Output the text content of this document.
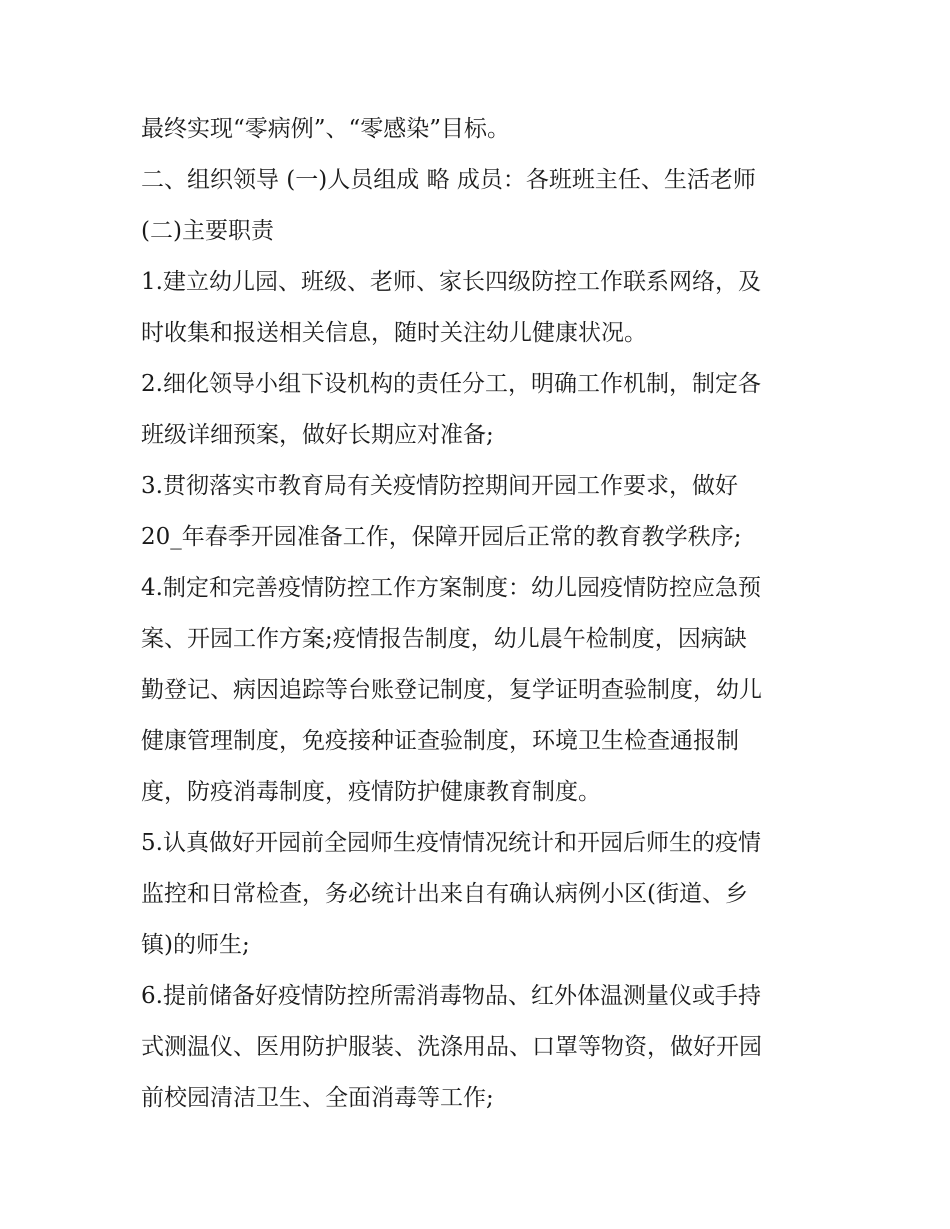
最终实现“零病例”、“零感染”目标。
二、组织领导 (一)人员组成 略 成员：各班班主任、生活老师
(二)主要职责
1.建立幼儿园、班级、老师、家长四级防控工作联系网络，及
时收集和报送相关信息，随时关注幼儿健康状况。
2.细化领导小组下设机构的责任分工，明确工作机制，制定各
班级详细预案，做好长期应对准备;
3.贯彻落实市教育局有关疫情防控期间开园工作要求，做好
20_年春季开园准备工作，保障开园后正常的教育教学秩序;
4.制定和完善疫情防控工作方案制度：幼儿园疫情防控应急预
案、开园工作方案;疫情报告制度，幼儿晨午检制度，因病缺
勤登记、病因追踪等台账登记制度，复学证明查验制度，幼儿
健康管理制度，免疫接种证查验制度，环境卫生检查通报制
度，防疫消毒制度，疫情防护健康教育制度。
5.认真做好开园前全园师生疫情情况统计和开园后师生的疫情
监控和日常检查，务必统计出来自有确认病例小区(街道、乡
镇)的师生;
6.提前储备好疫情防控所需消毒物品、红外体温测量仪或手持
式测温仪、医用防护服装、洗涤用品、口罩等物资，做好开园
前校园清洁卫生、全面消毒等工作;
